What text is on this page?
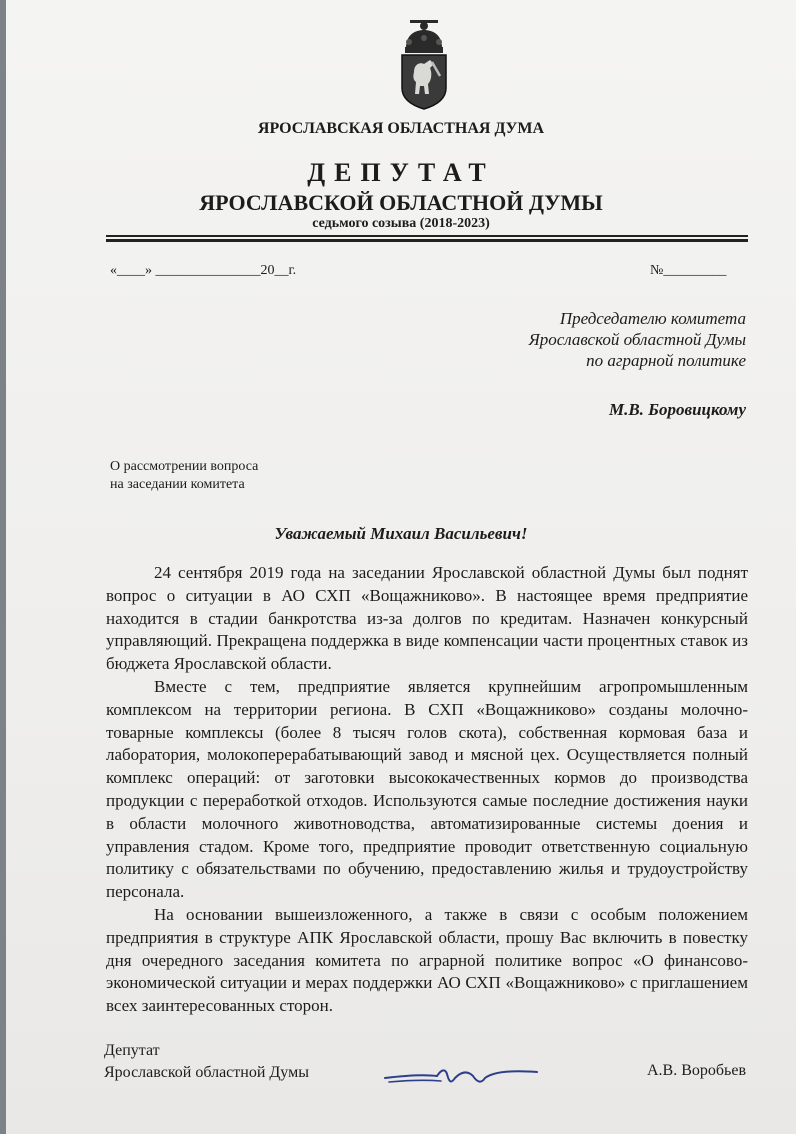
ЯРОСЛАВСКАЯ ОБЛАСТНАЯ ДУМА
ДЕПУТАТ
ЯРОСЛАВСКОЙ ОБЛАСТНОЙ ДУМЫ
седьмого созыва (2018-2023)
«____» _______________20__г.	№_________
Председателю комитета
Ярославской областной Думы
по аграрной политике
М.В. Боровицкому
О рассмотрении вопроса
на заседании комитета
Уважаемый Михаил Васильевич!

24 сентября 2019 года на заседании Ярославской областной Думы был поднят вопрос о ситуации в АО СХП «Вощажниково». В настоящее время предприятие находится в стадии банкротства из-за долгов по кредитам. Назначен конкурсный управляющий. Прекращена поддержка в виде компенсации части процентных ставок из бюджета Ярославской области.

Вместе с тем, предприятие является крупнейшим агропромышленным комплексом на территории региона. В СХП «Вощажниково» созданы молочно-товарные комплексы (более 8 тысяч голов скота), собственная кормовая база и лаборатория, молокоперерабатывающий завод и мясной цех. Осуществляется полный комплекс операций: от заготовки высококачественных кормов до производства продукции с переработкой отходов. Используются самые последние достижения науки в области молочного животноводства, автоматизированные системы доения и управления стадом. Кроме того, предприятие проводит ответственную социальную политику с обязательствами по обучению, предоставлению жилья и трудоустройству персонала.

На основании вышеизложенного, а также в связи с особым положением предприятия в структуре АПК Ярославской области, прошу Вас включить в повестку дня очередного заседания комитета по аграрной политике вопрос «О финансово-экономической ситуации и мерах поддержки АО СХП «Вощажниково» с приглашением всех заинтересованных сторон.

Депутат
Ярославской областной Думы	А.В. Воробьев
